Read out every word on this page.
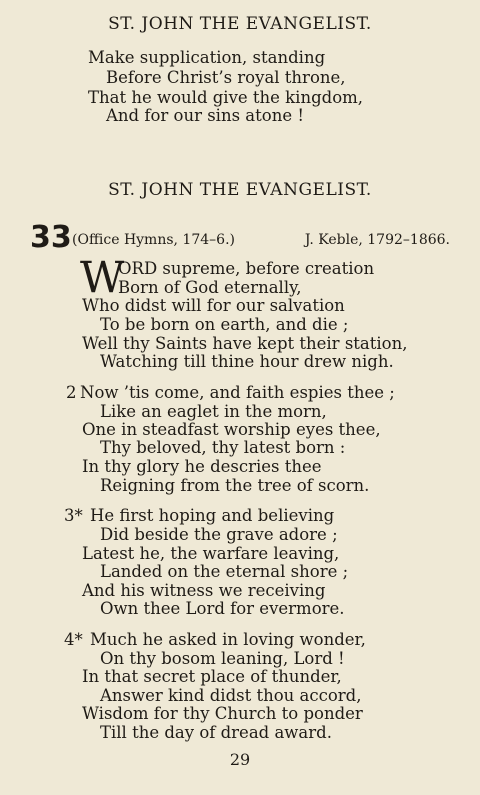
ST. JOHN THE EVANGELIST.
Make supplication, standing
Before Christ’s royal throne,
That he would give the kingdom,
And for our sins atone !
ST. JOHN THE EVANGELIST.
33 (Office Hymns, 174–6.)	J. Keble, 1792–1866.
W
ORD supreme, before creation
Born of God eternally,
Who didst will for our salvation
To be born on earth, and die ;
Well thy Saints have kept their station,
Watching till thine hour drew nigh.
2 Now ’tis come, and faith espies thee ;
Like an eaglet in the morn,
One in steadfast worship eyes thee,
Thy beloved, thy latest born :
In thy glory he descries thee
Reigning from the tree of scorn.
3* He first hoping and believing
Did beside the grave adore ;
Latest he, the warfare leaving,
Landed on the eternal shore ;
And his witness we receiving
Own thee Lord for evermore.
4* Much he asked in loving wonder,
On thy bosom leaning, Lord !
In that secret place of thunder,
Answer kind didst thou accord,
Wisdom for thy Church to ponder
Till the day of dread award.
29
